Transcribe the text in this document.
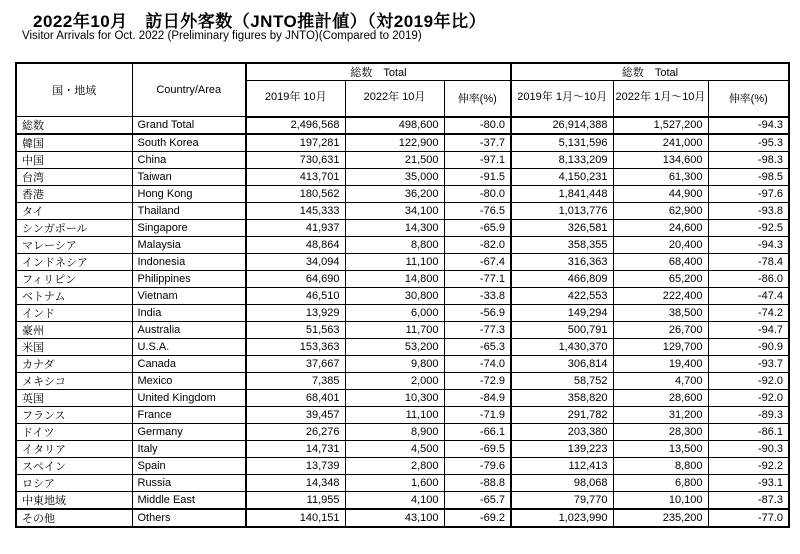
2022年10月　訪日外客数（JNTO推計値）（対2019年比）
Visitor Arrivals for Oct. 2022 (Preliminary figures by JNTO)(Compared to 2019)
国・地域	Country/Area	総数　Total			総数　Total		
		2019年 10月	2022年 10月	伸率(%)	2019年 1月～10月	2022年 1月～10月	伸率(%)
総数	Grand Total	2,496,568	498,600	-80.0	26,914,388	1,527,200	-94.3
韓国	South Korea	197,281	122,900	-37.7	5,131,596	241,000	-95.3
中国	China	730,631	21,500	-97.1	8,133,209	134,600	-98.3
台湾	Taiwan	413,701	35,000	-91.5	4,150,231	61,300	-98.5
香港	Hong Kong	180,562	36,200	-80.0	1,841,448	44,900	-97.6
タイ	Thailand	145,333	34,100	-76.5	1,013,776	62,900	-93.8
シンガポール	Singapore	41,937	14,300	-65.9	326,581	24,600	-92.5
マレーシア	Malaysia	48,864	8,800	-82.0	358,355	20,400	-94.3
インドネシア	Indonesia	34,094	11,100	-67.4	316,363	68,400	-78.4
フィリピン	Philippines	64,690	14,800	-77.1	466,809	65,200	-86.0
ベトナム	Vietnam	46,510	30,800	-33.8	422,553	222,400	-47.4
インド	India	13,929	6,000	-56.9	149,294	38,500	-74.2
豪州	Australia	51,563	11,700	-77.3	500,791	26,700	-94.7
米国	U.S.A.	153,363	53,200	-65.3	1,430,370	129,700	-90.9
カナダ	Canada	37,667	9,800	-74.0	306,814	19,400	-93.7
メキシコ	Mexico	7,385	2,000	-72.9	58,752	4,700	-92.0
英国	United Kingdom	68,401	10,300	-84.9	358,820	28,600	-92.0
フランス	France	39,457	11,100	-71.9	291,782	31,200	-89.3
ドイツ	Germany	26,276	8,900	-66.1	203,380	28,300	-86.1
イタリア	Italy	14,731	4,500	-69.5	139,223	13,500	-90.3
スペイン	Spain	13,739	2,800	-79.6	112,413	8,800	-92.2
ロシア	Russia	14,348	1,600	-88.8	98,068	6,800	-93.1
中東地域	Middle East	11,955	4,100	-65.7	79,770	10,100	-87.3
その他	Others	140,151	43,100	-69.2	1,023,990	235,200	-77.0
